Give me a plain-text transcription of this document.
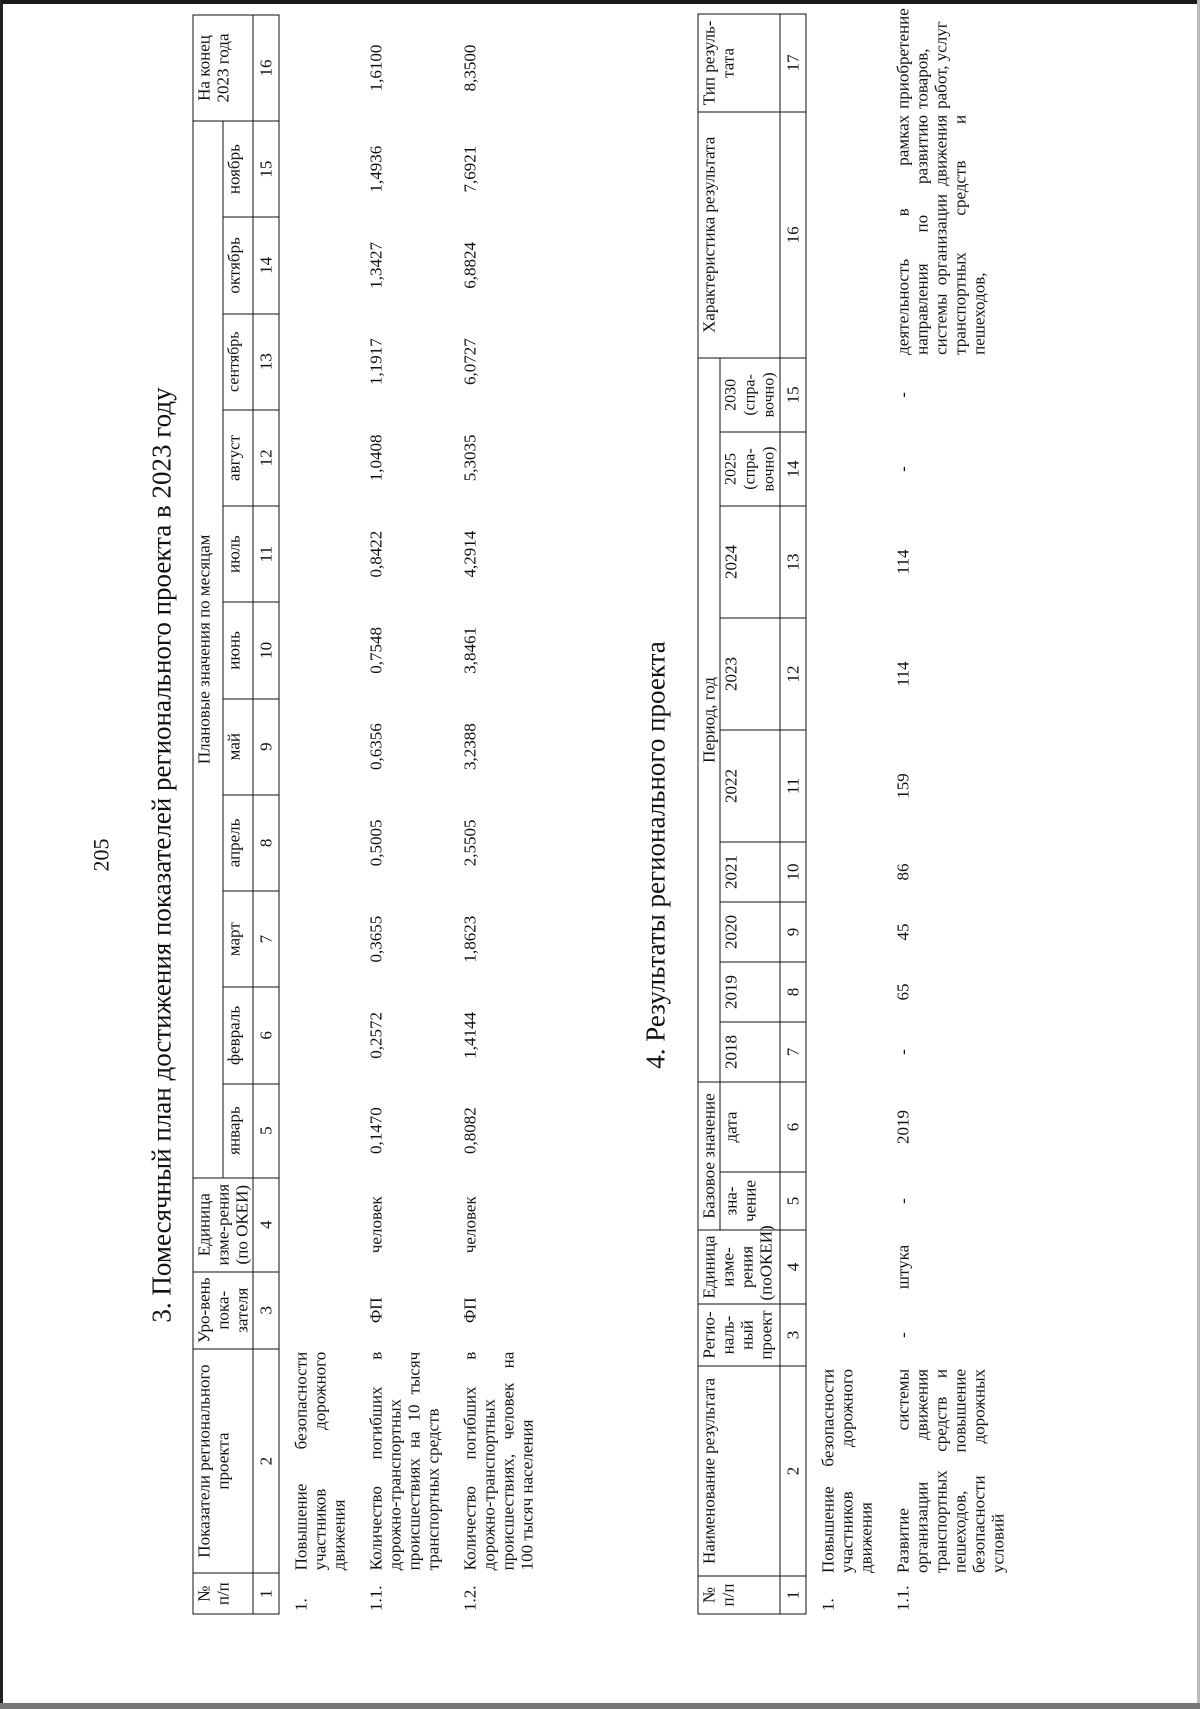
205 3. Помесячный план достижения показателей регионального проекта в 2023 году
№ п/п	Показатели регионального проекта	Уро-вень пока-зателя	Единица изме-рения (по ОКЕИ)	Плановые значения по месяцам											На конец 2023 года
				январь	февраль	март	апрель	май	июнь	июль	август	сентябрь	октябрь	ноябрь	
1	2	3	4	5	6	7	8	9	10	11	12	13	14	15	16
1.	Повышение безопасности участников дорожного движения														
1.1.	Количество погибших в дорожно-транспортных происшествиях на 10 тысяч транспортных средств	ФП	человек	0,1470	0,2572	0,3655	0,5005	0,6356	0,7548	0,8422	1,0408	1,1917	1,3427	1,4936	1,6100
1.2.	Количество погибших в дорожно-транспортных происшествиях, человек на 100 тысяч населения	ФП	человек	0,8082	1,4144	1,8623	2,5505	3,2388	3,8461	4,2914	5,3035	6,0727	6,8824	7,6921	8,3500
4. Результаты регионального проекта
№ п/п	Наименование результата	Регио-наль-ный проект	Единица изме-рения (поОКЕИ)	Базовое значение		Период, год									Характеристика результата	Тип резуль-тата
				зна-чение	дата	2018	2019	2020	2021	2022	2023	2024	2025 (спра-вочно)	2030 (спра-вочно)		
1	2	3	4	5	6	7	8	9	10	11	12	13	14	15	16	17
1.	Повышение безопасности участников дорожного движения															
1.1.	Развитие системы организации движения транспортных средств и пешеходов, повышение безопасности дорожных условий	-	штука	-	2019	-	65	45	86	159	114	114	-	-	деятельность в рамках направления по развитию системы организации движения транспортных средств и пешеходов,	приобретение товаров, работ, услуг
